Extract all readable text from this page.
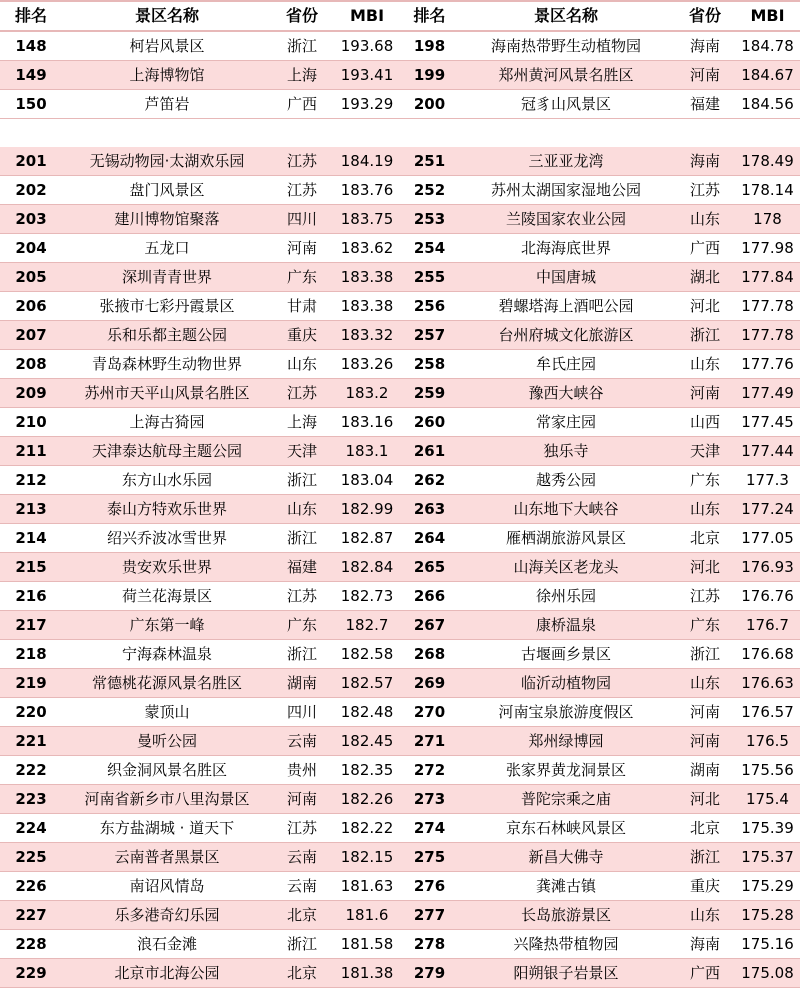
148	柯岩风景区	浙江	193.68	198	海南热带野生动植物园	海南	184.78
149	上海博物馆	上海	193.41	199	郑州黄河风景名胜区	河南	184.67
150	芦笛岩	广西	193.29	200	冠豸山风景区	福建	184.56

排名	景区名称	省份	MBI	排名	景区名称	省份	MBI
201	无锡动物园·太湖欢乐园	江苏	184.19	251	三亚亚龙湾	海南	178.49
202	盘门风景区	江苏	183.76	252	苏州太湖国家湿地公园	江苏	178.14
203	建川博物馆聚落	四川	183.75	253	兰陵国家农业公园	山东	178
204	五龙口	河南	183.62	254	北海海底世界	广西	177.98
205	深圳青青世界	广东	183.38	255	中国唐城	湖北	177.84
206	张掖市七彩丹霞景区	甘肃	183.38	256	碧螺塔海上酒吧公园	河北	177.78
207	乐和乐都主题公园	重庆	183.32	257	台州府城文化旅游区	浙江	177.78
208	青岛森林野生动物世界	山东	183.26	258	牟氏庄园	山东	177.76
209	苏州市天平山风景名胜区	江苏	183.2	259	豫西大峡谷	河南	177.49
210	上海古猗园	上海	183.16	260	常家庄园	山西	177.45
211	天津泰达航母主题公园	天津	183.1	261	独乐寺	天津	177.44
212	东方山水乐园	浙江	183.04	262	越秀公园	广东	177.3
213	泰山方特欢乐世界	山东	182.99	263	山东地下大峡谷	山东	177.24
214	绍兴乔波冰雪世界	浙江	182.87	264	雁栖湖旅游风景区	北京	177.05
215	贵安欢乐世界	福建	182.84	265	山海关区老龙头	河北	176.93
216	荷兰花海景区	江苏	182.73	266	徐州乐园	江苏	176.76
217	广东第一峰	广东	182.7	267	康桥温泉	广东	176.7
218	宁海森林温泉	浙江	182.58	268	古堰画乡景区	浙江	176.68
219	常德桃花源风景名胜区	湖南	182.57	269	临沂动植物园	山东	176.63
220	蒙顶山	四川	182.48	270	河南宝泉旅游度假区	河南	176.57
221	曼听公园	云南	182.45	271	郑州绿博园	河南	176.5
222	织金洞风景名胜区	贵州	182.35	272	张家界黄龙洞景区	湖南	175.56
223	河南省新乡市八里沟景区	河南	182.26	273	普陀宗乘之庙	河北	175.4
224	东方盐湖城 · 道天下	江苏	182.22	274	京东石林峡风景区	北京	175.39
225	云南普者黑景区	云南	182.15	275	新昌大佛寺	浙江	175.37
226	南诏风情岛	云南	181.63	276	龚滩古镇	重庆	175.29
227	乐多港奇幻乐园	北京	181.6	277	长岛旅游景区	山东	175.28
228	浪石金滩	浙江	181.58	278	兴隆热带植物园	海南	175.16
229	北京市北海公园	北京	181.38	279	阳朔银子岩景区	广西	175.08
